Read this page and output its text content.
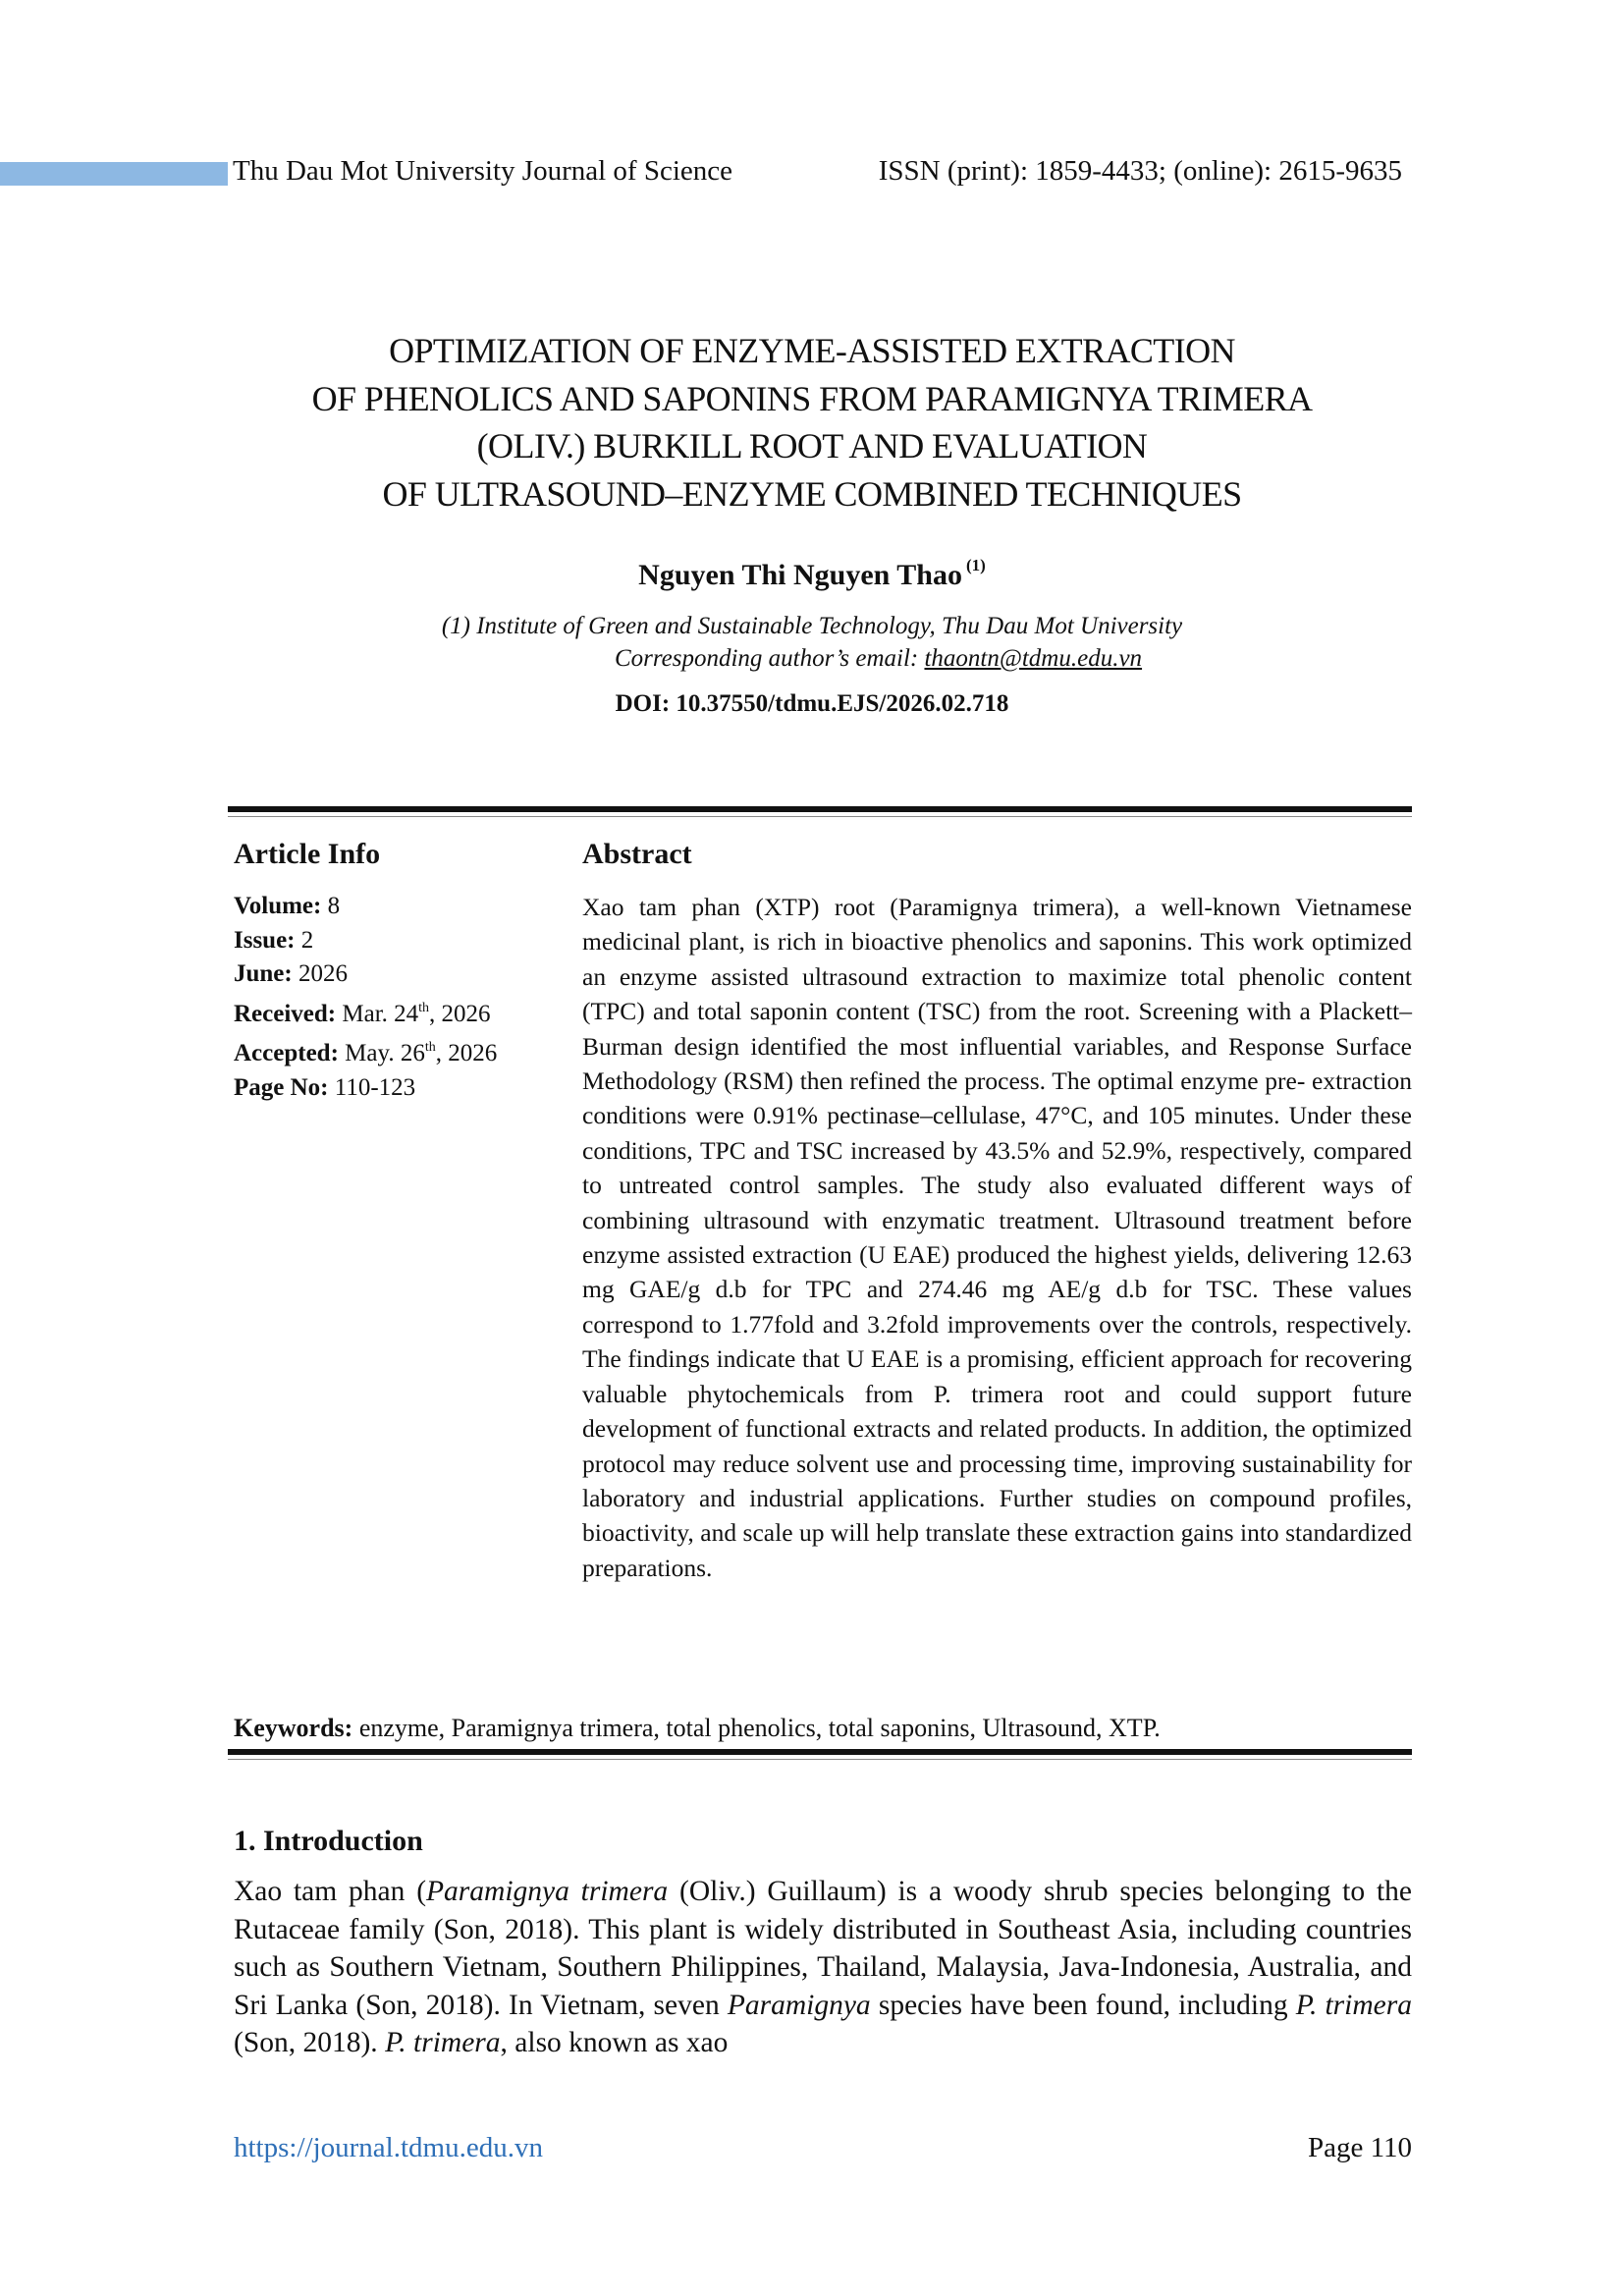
Thu Dau Mot University Journal of Science	ISSN (print): 1859-4433; (online): 2615-9635
OPTIMIZATION OF ENZYME-ASSISTED EXTRACTION
OF PHENOLICS AND SAPONINS FROM PARAMIGNYA TRIMERA
(OLIV.) BURKILL ROOT AND EVALUATION
OF ULTRASOUND–ENZYME COMBINED TECHNIQUES
Nguyen Thi Nguyen Thao $^{(1)}$
(1) Institute of Green and Sustainable Technology, Thu Dau Mot University
Corresponding author’s email: thaontn@tdmu.edu.vn
DOI: 10.37550/tdmu.EJS/2026.02.718
Article Info
Volume: 8
Issue: 2
June: 2026
Received: Mar. 24th, 2026
Accepted: May. 26th, 2026
Page No: 110-123
Abstract
Xao tam phan (XTP) root (Paramignya trimera), a well-known Vietnamese medicinal plant, is rich in bioactive phenolics and saponins. This work optimized an enzyme assisted ultrasound extraction to maximize total phenolic content (TPC) and total saponin content (TSC) from the root. Screening with a Plackett–Burman design identified the most influential variables, and Response Surface Methodology (RSM) then refined the process. The optimal enzyme pre- extraction conditions were 0.91% pectinase–cellulase, 47°C, and 105 minutes. Under these conditions, TPC and TSC increased by 43.5% and 52.9%, respectively, compared to untreated control samples. The study also evaluated different ways of combining ultrasound with enzymatic treatment. Ultrasound treatment before enzyme assisted extraction (U EAE) produced the highest yields, delivering 12.63 mg GAE/g d.b for TPC and 274.46 mg AE/g d.b for TSC. These values correspond to 1.77fold and 3.2fold improvements over the controls, respectively. The findings indicate that U EAE is a promising, efficient approach for recovering valuable phytochemicals from P. trimera root and could support future development of functional extracts and related products. In addition, the optimized protocol may reduce solvent use and processing time, improving sustainability for laboratory and industrial applications. Further studies on compound profiles, bioactivity, and scale up will help translate these extraction gains into standardized preparations.
Keywords: enzyme, Paramignya trimera, total phenolics, total saponins, Ultrasound, XTP.
1. Introduction
Xao tam phan (Paramignya trimera (Oliv.) Guillaum) is a woody shrub species belonging to the Rutaceae family (Son, 2018). This plant is widely distributed in Southeast Asia, including countries such as Southern Vietnam, Southern Philippines, Thailand, Malaysia, Java-Indonesia, Australia, and Sri Lanka (Son, 2018). In Vietnam, seven Paramignya species have been found, including P. trimera (Son, 2018). P. trimera, also known as xao
https://journal.tdmu.edu.vn	Page 110
